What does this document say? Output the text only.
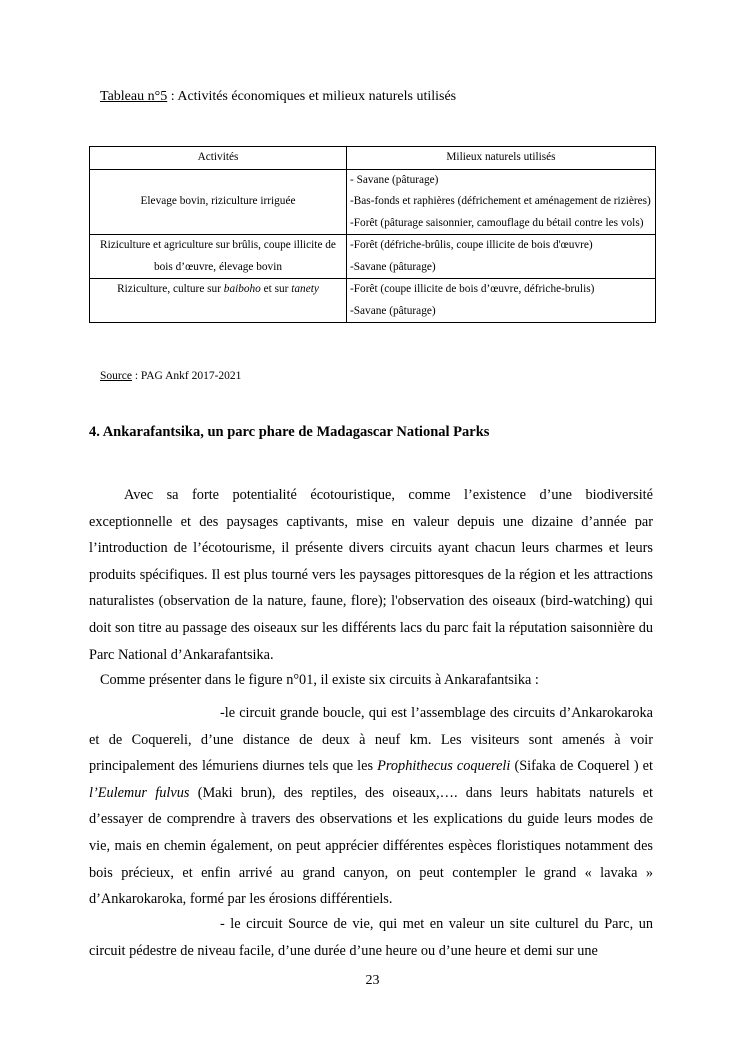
Tableau n°5 : Activités économiques et milieux naturels utilisés
Activités	Milieux naturels utilisés
Elevage bovin, riziculture irriguée	- Savane (pâturage)
-Bas-fonds et raphières (défrichement et aménagement de rizières)
-Forêt (pâturage saisonnier, camouflage du bétail contre les vols)

Riziculture et agriculture sur brûlis, coupe illicite de bois d’œuvre, élevage bovin	-Forêt (défriche-brûlis, coupe illicite de bois d'œuvre)
-Savane (pâturage)

Riziculture, culture sur baiboho et sur tanety	-Forêt (coupe illicite de bois d’œuvre, défriche-brulis)
-Savane (pâturage)
Source : PAG Ankf 2017-2021
4. Ankarafantsika, un parc phare de Madagascar National Parks
Avec sa forte potentialité écotouristique, comme l’existence d’une biodiversité exceptionnelle et des paysages captivants, mise en valeur depuis une dizaine d’année par l’introduction de l’écotourisme, il présente divers circuits ayant chacun leurs charmes et leurs produits spécifiques. Il est plus tourné vers les paysages pittoresques de la région et les attractions naturalistes (observation de la nature, faune, flore); l'observation des oiseaux (bird-watching) qui doit son titre au passage des oiseaux sur les différents lacs du parc fait la réputation saisonnière du Parc National d’Ankarafantsika.
Comme présenter dans le figure n°01, il existe six circuits à Ankarafantsika :
-le circuit grande boucle, qui est l’assemblage des circuits d’Ankarokaroka et de Coquereli, d’une distance de deux à neuf km. Les visiteurs sont amenés à voir principalement des lémuriens diurnes tels que les Prophithecus coquereli (Sifaka de Coquerel ) et l’Eulemur fulvus (Maki brun), des reptiles, des oiseaux,…. dans leurs habitats naturels et d’essayer de comprendre à travers des observations et les explications du guide leurs modes de vie, mais en chemin également, on peut apprécier différentes espèces floristiques notamment des bois précieux, et enfin arrivé au grand canyon, on peut contempler le grand « lavaka » d’Ankarokaroka, formé par les érosions différentiels.
- le circuit Source de vie, qui met en valeur un site culturel du Parc, un circuit pédestre de niveau facile, d’une durée d’une heure ou d’une heure et demi sur une
23
